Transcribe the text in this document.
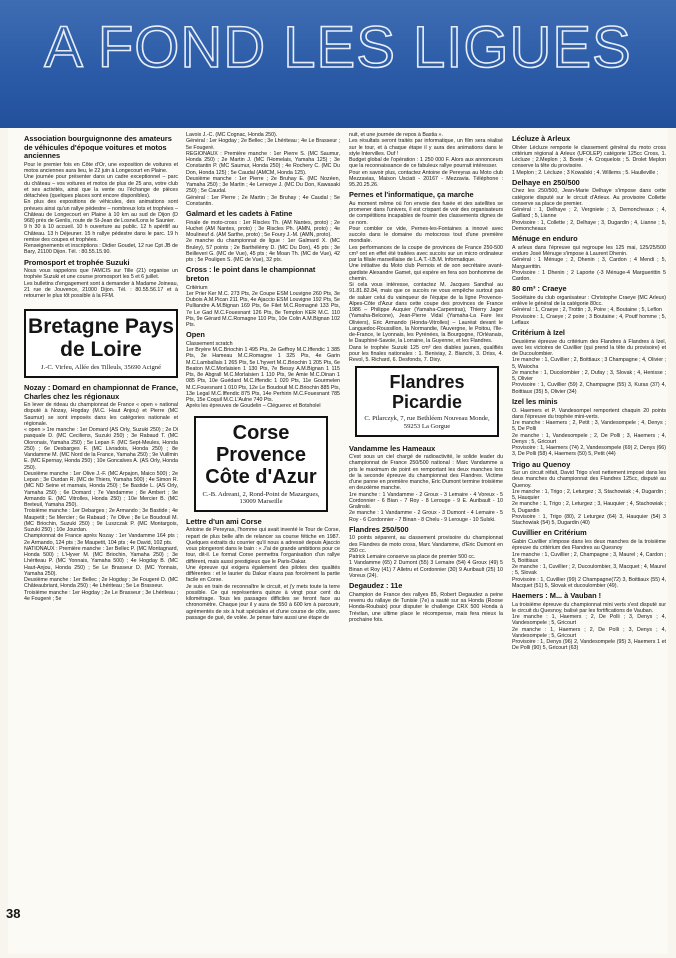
A FOND LES LIGUES
Association bourguignonne des amateurs de véhicules d'époque voitures et motos anciennes

Pour le premier fois en Côte d'Or, une exposition de voitures et motos anciennes aura lieu, le 22 juin à Longecourt en Plaine.

Une journée pour présenter dans un cadre exceptionnel – parc du château – vos voitures et motos de plus de 25 ans, votre club et ses activités, ainsi que la vente ou l'échange de pièces détachées (quelques places sont encore disponibles).

En plus des expositions de véhicules, des animations sont prévues ainsi qu'un rallye pédestre – nombreux lots et trophées – Château de Longecourt en Plaine à 10 km au sud de Dijon (D 968) près de Genlis, route de St-Jean de Losne/Lons le Saunier.

9 h 30 à 10 accueil. 10 h ouverture au public. 12 h apéritif au Château. 13 h Déjeuner. 15 h rallye pédestre dans le parc. 19 h remise des coupes et trophées.

Renseignements et inscriptions : Didier Goudet, 12 rue Cpt JB de Bary, 21100 Dijon. Tél. : 80.55.15.90.

Promosport et trophée Suzuki

Nous vous rappelons que l'AMCIS sur Tille (21) organise un trophée Suzuki et une course promosport les 5 et 6 juillet.

Les bulletins d'engagement sont à demander à Madame Joineau, 21 rue de Jouvence, 21000 Dijon. Tél. : 80.55.56.17 et à retourner le plus tôt possible à la FFM.

Bretagne Pays de Loire
J.-C. Virfeu, Allée des Tilleuls, 35690 Acigné
Nozay : Domard en championnat de France, Charles chez les régionaux

En lever de rideau du championnat de France « open » national disputé à Nozay, Hogday (M.C. Haut Anjou) et Pierre (MC Saumur) se sont imposés dans les catégories nationale et régionale.

« open » 1re manche : 1er Domard (AS Orly, Suzuki 250) ; 2e Di pasquale D. (MC Ceciliens, Suzuki 250) ; 3e Rabaud T. (MC Oloronais, Yamaha 250) ; 5e Lepan F. (MC Sept-Meules, Honda 250) ; 6e Desbarges F. (MC Livradois, Honda 250) ; 8e Vandamme M. (MC Nord de la France, Yamaha 250) ; 9e Vuillmin E. (MC Epernay, Honda 250) ; 10e Goncalves A. (AS Orly, Honda 250).

Deuxième manche : 1er Olive J.-F. (MC Arpajon, Maico 500) ; 2e Lepan ; 3e Ourdan R. (MC de Thiers, Yamaha 500) ; 4e Simon R. (MC ND Seine et marnais, Honda 250) ; 5e Bastide L. (AS Orly, Yamaha 250) ; 6e Domard ; 7e Vandamme ; 8e Ambert ; 9e Armando E. (MC Vitrolles, Honda 250) ; 10e Mercier B. (MC Breteuil, Yamaha 250).

Troisième manche : 1er Debarges ; 2e Armando ; 3e Bastide ; 4e Maupetit ; 5e Mercier ; 6e Rabaud ; 7e Olive ; 8e Le Boudouil M. (MC Briochin, Suzuki 250) ; 9e Luszczak P. (MC Montargois, Suzuki 250) ; 10e Jourdan.

Championnat de France après Nozay : 1er Vandamme 164 pts ; 2e Armando, 124 pts ; 3e Maupetit, 104 pts ; 4e David, 102 pts.

NATIONAUX : Première manche : 1er Bellec P. (MC Montagnard, Honda 500) ; L'Hyver M. (MC Briochin, Yamaha 250) ; 3e Lhériteau P. (MC Yonnais, Yamaha 500) ; 4e Hogday B. (MC Haut-Anjou, Honda 250) ; 5e Le Brasseur D. (MC Yonnais, Yamaha 250).

Deuxième manche : 1er Bellec ; 2e Hogday ; 3e Fougeré D. (MC Châteaubriant, Honda 250) ; 4e Lhériteau ; 5e Le Brasseur.

Troisième manche : 1er Hogday ; 2e Le Brasseur ; 3e Lhériteau ; 4e Fougeré ; 5e

Lavoix J.-C. (MC Cognac, Honda 250).

Général : 1er Hogday ; 2e Bellec ; 3e Lhériteau ; 4e Le Brasseur ; 5e Fougeré.

REGIONAUX : Première manche : 1er Pierre S. (MC Saumur, Honda 250) ; 2e Martin J. (MC l'Homelais, Yamaha 125) ; 3e Constantin P. (MC Saumur, Honda 250) ; 4e Rochery C. (MC Du Don, Honda 125) ; 5e Caudal (AMCM, Honda 125).

Deuxième manche : 1er Pierre ; 2e Bruhay E. (MC Nozéen, Yamaha 250) ; 3e Martin ; 4e Lenvoye J. (MC Du Don, Kawasaki 250) ; 5e Caudal.

Général : 1er Pierre ; 2e Martin ; 3e Bruhay ; 4e Caudal ; 5e Constantin.

Galmard et les cadets à Fatine

Finale de moto-cross : 1er Riscles Th. (AM Nantes, proto) ; 2e Huchet (AM Nantes, proto) ; 3e Riscles Ph. (AMN, proto) ; 4e Moulineuf d. (AM Sarthe, proto) ; 5e Foury J.-M. (AMN, proto).

2e manche du championnat de ligue : 1er Galmard X. (MC Bruley), 57 points ; 2e Barthélémy D. (MC Du Don), 45 pts ; 3e Beilleveri G. (MC de Vue), 45 pts ; 4e Moan Th. (MC de Vue), 42 pts ; 5e Pouligen S. (MC de Vue), 32 pts.

Cross : le point dans le championnat breton

Critérium

1er Prier Ker M.C. 273 Pts, 2e Coupe ESM Louvigne 260 Pts, 3e Dubois A.M.Pican 211 Pts, 4e Ajaccio ESM Louvigne 192 Pts, 5e Pulliandre A.M.Bignan 169 Pts, 6e Filet M.C.Romagné 133 Pts, 7e Le Gad M.C.Fouesnant 126 Pts, 8e Templon KER M.C. 110 Pts, 9e Gérard M.C.Romagne 110 Pts, 10e Colin A.M.Bignan 102 Pts.

Open

Classement scratch

1er Bryère M.C.Briochin 1 495 Pts, 2e Geffroy M.C.Iffendic 1 385 Pts, 3e Hameau M.C.Romagne 1 325 Pts, 4e Garin M.C.Lamballais 1 265 Pts, 5e L'hyvert M.C.Briochin 1 205 Pts, 6e Beaton M.C.Morlaisien 1 130 Pts, 7e Bessy A.M.Bignan 1 115 Pts, 8e Abgrall M.C.Morlaisien 1 110 Pts, 9e Amie M.C.Dinan 1 085 Pts, 10e Guédard M.C.Iffendic 1 020 Pts, 11e Gourmelen M.C.Fouesnant 1 010 Pts, 12e Le Boudouil M.C.Briochin 885 Pts, 13e Legal M.C.Iffendic 875 Pts, 14e Perhirin M.C.Fouesnant 785 Pts, 15e Coquil M.C.L'Aulne 740 Pts.

Après les épreuves de Goudelin – Cléguerec et Botsholel

Corse Provence Côte d'Azur
C.-B. Adreani, 2, Rond-Point de Mazargues, 13009 Marseille
Lettre d'un ami Corse

Antoine de Pereyras, l'homme qui avait inventé le Tour de Corse, repart de plus belle afin de relancer sa course fétiche en 1987. Quelques extraits du courrier qu'il nous a adressé depuis Ajaccio vous plongeront dans le bain : « J'ai de grande ambitions pour ce tour, dit-il. Le format Corse permettra l'organisation d'un rallye différent, mais aussi prestigieux que le Paris-Dakar.

Une épreuve qui exigera également des pilotes des qualités différentes : et le laurier du Dakar n'aura pas forcément la partie facile en Corse.

Je suis en train de reconnaître le circuit, et j'y mets toute la terre possible. Ce qui représentera quinze à vingt pour cent du kilométrage. Tous les passages difficiles se feront face au chronomètre. Chaque jour il y aura de 550 à 600 km à parcourir, agrémentés de six à huit spéciales et d'une course de côte, avec passage de gué, de volée. Je pense faire aussi une étape de

nuit, et une journée de repos à Bastia ».

Les résultats seront traités par informatique, un film sera réalisé sur le tour, et à chaque étape il y aura des animations dans le style Intervilles. Ouf !

Budget global de l'opération : 1 250 000 F. Alors aux annonceurs que la reconnaissance de ce fabuleux rallye pourrait intéresser.

Pour en savoir plus, contactez Antoine de Pereyras au Moto club Mezzavias, Maison Usciati - 20167 - Mezzavia. Téléphone : 95.20.25.26.

Pernes et l'informatique, ça marche

Au moment même où l'on envoie des fusée et des satellites se promener dans l'univers, il est crispant de voir des organisateurs de compétitions incapables de fournir des classements dignes de ce nom.

Pour combler ce vide, Pernes-les-Fontaines a innové avec succès dans le domaine du motocross tout d'une première mondiale.

Les performances de la coupe de provinces de France 250-500 cm³ ont en effet été traitées avec succès sur un micro ordinateur par la filiale marseillaise de L.A.T.-I.B.M. Informatique.

Une initiative du Moto club Pernois et de son secrétaire avant-gardiste Alexandre Gamet, qui espère en fera son bonhomme de chemin.

Si cela vous intéresse, contactez M. Jacques Sandhal au 91.81.82.84, mais que ce succès ne vous empêche surtout pas de saluer celui du vainqueur de l'équipe de la ligne Provence-Alpes-Côte d'Azur dans cette coupe des provinces de France 1986 – Philippe Auquier (Yamaha-Carpentras), Thierry Jager (Yamaha-Belcone), Jean-Pierre Vidal (Yamaha-La Fare les Oliviers), Eric Armando (Honda-Vitrolles) – Lauréat devant le Languedoc-Roussillon, la Normandie, l'Auvergne, le Poitou, l'Ile-de-France, le Lyonnais, les Pyrénées, la Bourgogne, l'Orléanais, le Dauphiné-Savoie, la Lorraine, la Guyenne, et les Flandres.

Dans le trophée Suzuki 125 cm³ des diables jaunes, qualifiés pour les finales nationales : 1. Beniviay, 2. Bianchi, 3. Driss, 4. Revol, 5. Richard, 6. Desfonds, 7. Dixy.

Flandres Picardie
C. Pilarczyk, 7, rue Bethléem Nouveau Monde, 59253 La Gorgue
Vandamme les Hameaux

C'est sous un ciel chargé de radioactivité, le solide leader du championnat de France 250/500 national : Marc Vandamme a pris le maximum de point en remportant les deux manches lors de la seconde épreuve du championnat des Flandres. Victime d'une panne en première manche, Eric Dumont termine troisième en deuxième manche.

1re manche : 1 Vandamme - 2 Groux - 3 Lemaire - 4 Voreux - 5 Cordonnier - 6 Bian - 7 Roy - 8 Lerouge - 9 E. Auribault - 10 Gralinski.

2e manche : 1 Vandamme - 2 Groux - 3 Dumont - 4 Lemaire - 5 Roy - 6 Cordonnier - 7 Binan - 8 Chelu - 9 Lerouge - 10 Sulski.

Flandres 250/500

10 points séparent, au classement provisoire du championnat des Flandres de moto cross, Marc Vandamme, d'Eric Dumont en 250 cc.

Patrick Lemaire conserve sa place de premier 500 cc.

1 Vandamme (65) 2 Dumont (55) 3 Lemaire (54) 4 Groux (49) 5 Binan et Roy (41) 7 Alletru et Cordonnier (30) 9 Auribault (25) 10 Voreux (24).

Degaudez : 11e

Champion de France des rallyes 85, Robert Degaudez a peine revenu du rallaye de Tunisie (7e) a sauté sur sa Honda (Roose Honda-Roubaix) pour disputer le challenge CRX 500 Honda à Trévilan, une ultime place le récompense, mais fera mieux la prochaine fois.

Lécluze à Arleux

Olivier Lécluze remporte le classement général du moto cross critérium régional à Arleux (UFOLEP) catégorie 125cc Cross, 1. Lécluze ; 2.Meplon ; 3. Boete ; 4. Croquelois ; 5. Drolet Meplon conserve la tête du provisoire.

1 Meplon ; 2. Lécluze ; 3 Kowalski ; 4. Willems ; 5. Haulleville ;

Delhaye en 250/500

Chez les 250/500, Jean-Marie Delhaye s'impose dans cette catégorie disputé sur le circuit d'Arleux. Au provisoire Collette conserve sa place de premier.

Général : 1, Delhaye ; 2, Vergniete ; 3, Demoncheaux ; 4, Gaillard ; 5, Lianne

Provisoire : 1, Collette ; 2, Delhaye ; 3, Dugardin ; 4, Lianne ; 5, Demoncheaux

Ménuge en enduro

A arleux dans l'épreuve qui regroupe les 125 mai, 125/25/500 enduro José Ménuge s'impose à Laurent Dhenin.

Général : 1 Ménuge ; 2, Dhenin ; 3, Cardon ; 4 Mendi ; 5, Marguerittin.

Provisoire : 1 Dhenin ; 2 Laporte (-3 Ménuge-4 Marguerittin 5 Cardon.

80 cm³ : Craeye

Sociétaire du club organisateur : Christophe Craeye (MC Arleux) enlève le général de la catégorie 80cc.

Général : 1, Craeye ; 2, Trottin ; 3, Poire ; 4, Boutaine ; 5, Leflon

Provisoire : 1, Craeye ; 2 poire ; 3 Boutaine ; 4, Poutf homme ; 5, Leflaux

Critérium à Izel

Deuxième épreuve du critérium des Flandres à Flandres à Izel, avec les victoires de Cuvillier (qui prend la tête du provisoire) et de Ducoulombier.

1re manche : 1, Cuvillier ; 2, Boittiaux ; 3 Champagne ; 4, Olivier ; 5, Waiocha

2e manche : 1, Ducolombier ; 2, Dufay ; 3, Slovak ; 4, Henisse ; 5, Olivier

Provisoire : 1, Cuvillier (59) 2, Champagne (55) 3, Kuras (37) 4, Boittiaux (35) 5, Olivier (34)

Izel les minis

O. Haemers et P. Vandesompel remportent chaquin 20 points dans l'épreuve du trophée mini-verts.

1re manche : Haemers ; 2, Petit ; 3, Vandesompele ; 4, Denys ; 5, De Polli

2e manche : 1, Vandesompele ; 2, De Polli ; 3, Haemers ; 4, Denys ; 5, Gricourt

Provisoire : 1, Haemers (74) 2, Vandesompele (69) 2, Denys (66) 3, De Polli (58) 4, Haemers (50) 5, Petit (44)

Trigo au Quenoy

Sur un circuit réfait, David Trigo s'est nettement imposé dans les deux manches du championnat des Flandres 125cc, disputé au Quenoy.

1re manche : 1, Trigo ; 2, Leturgez ; 3, Stachowiak ; 4, Dugardin ; 5, Hauquier

2e manche : 1, Trigo ; 2, Leturgez ; 3, Hauquier ; 4, Stachowiak ; 5, Dugardin

Provisoire : 1, Trigo (80), 2 Leturgez (64) 3, Hauquier (54) 3 Stachowiak (54) 5, Dugardin (40)

Cuvillier en Critérium

Gabin Cuvillier s'impose dans les deux manches de la troisième épreuve du critérium des Flandres au Quesnoy

1re manche : 1, Cuvillier ; 2, Champagne ; 3, Maurel ; 4, Cardon ; 5, Boittiaux

2e manche : 1, Cuvillier ; 2, Ducoulombier, 3, Macquet ; 4, Maurel ; 5, Slovak

Provisoire : 1, Cuvillier (99) 2 Champagne(72) 3, Boittiaux (55) 4, Macquet (51) 5, Slovak et ducoulombier (49).

Haemers : M... à Vauban !

La troisième épreuve du championnat mini verts s'est disputé sur le circuit du Quesnoy, balisé par les fortifications de Vauban.

1re manche : 1, Haemers ; 2, De Polli ; 3, Denys ; 4, Vandesompele ; 5, Gricourt

2e manche : 1, Haemers ; 2, De Polli ; 3, Denys ; 4, Vandesompele ; 5, Gricourt

Provisoire : 1, Denys (96) 2, Vandesompele (95) 3, Haemers 1 et De Polli (90) 5, Gricourt (63)

38
